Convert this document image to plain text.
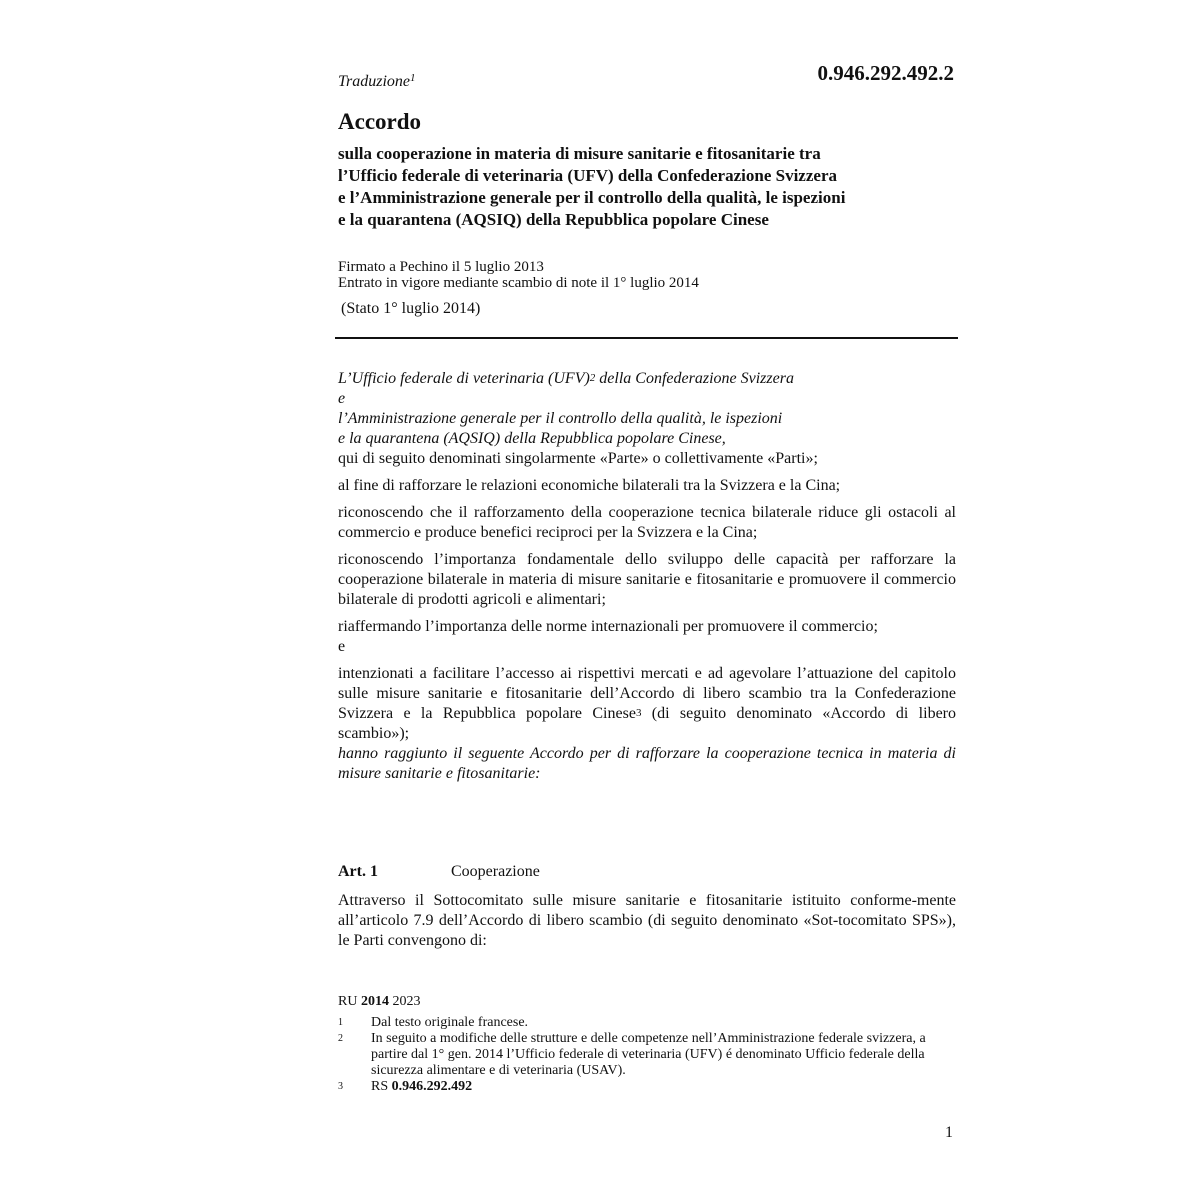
Traduzione$^1$	0.946.292.492.2
Accordo
sulla cooperazione in materia di misure sanitarie e fitosanitarie tra
l’Ufficio federale di veterinaria (UFV) della Confederazione Svizzera
e l’Amministrazione generale per il controllo della qualità, le ispezioni
e la quarantena (AQSIQ) della Repubblica popolare Cinese
Firmato a Pechino il 5 luglio 2013
Entrato in vigore mediante scambio di note il 1° luglio 2014
(Stato 1° luglio 2014)

L’Ufficio federale di veterinaria (UFV)$^2$ della Confederazione Svizzera

e

l’Amministrazione generale per il controllo della qualità, le ispezioni

e la quarantena (AQSIQ) della Repubblica popolare Cinese,

qui di seguito denominati singolarmente «Parte» o collettivamente «Parti»;

al fine di rafforzare le relazioni economiche bilaterali tra la Svizzera e la Cina;

riconoscendo che il rafforzamento della cooperazione tecnica bilaterale riduce gli ostacoli al commercio e produce benefici reciproci per la Svizzera e la Cina;

riconoscendo l’importanza fondamentale dello sviluppo delle capacità per rafforzare la cooperazione bilaterale in materia di misure sanitarie e fitosanitarie e promuovere il commercio bilaterale di prodotti agricoli e alimentari;

riaffermando l’importanza delle norme internazionali per promuovere il commercio;

e

intenzionati a facilitare l’accesso ai rispettivi mercati e ad agevolare l’attuazione del capitolo sulle misure sanitarie e fitosanitarie dell’Accordo di libero scambio tra la Confederazione Svizzera e la Repubblica popolare Cinese$^3$ (di seguito denominato «Accordo di libero scambio»);

hanno raggiunto il seguente Accordo per di rafforzare la cooperazione tecnica in materia di misure sanitarie e fitosanitarie:

Art. 1	Cooperazione
Attraverso il Sottocomitato sulle misure sanitarie e fitosanitarie istituito conforme-mente all’articolo 7.9 dell’Accordo di libero scambio (di seguito denominato «Sot-tocomitato SPS»), le Parti convengono di:
RU 2014 2023
1	Dal testo originale francese.
2	In seguito a modifiche delle strutture e delle competenze nell’Amministrazione federale svizzera, a partire dal 1° gen. 2014 l’Ufficio federale di veterinaria (UFV) é denominato Ufficio federale della sicurezza alimentare e di veterinaria (USAV).
3	RS 0.946.292.492
1
